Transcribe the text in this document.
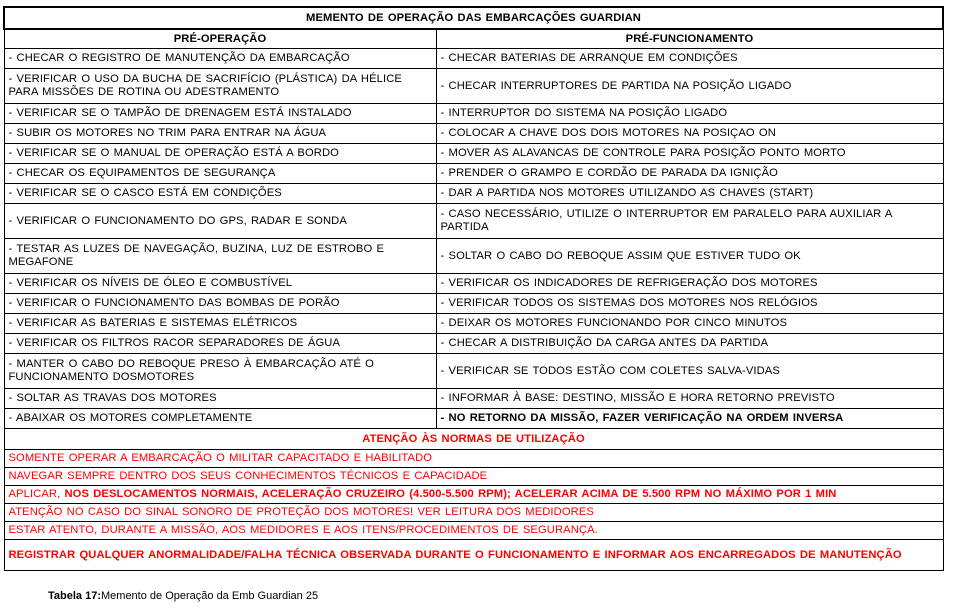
MEMENTO DE OPERAÇÃO DAS EMBARCAÇÕES GUARDIAN	
PRÉ-OPERAÇÃO	PRÉ-FUNCIONAMENTO
- CHECAR O REGISTRO DE MANUTENÇÃO DA EMBARCAÇÃO	- CHECAR BATERIAS DE ARRANQUE EM CONDIÇÕES
- VERIFICAR O USO DA BUCHA DE SACRIFÍCIO (PLÁSTICA) DA HÉLICE PARA MISSÕES DE ROTINA OU ADESTRAMENTO	- CHECAR INTERRUPTORES DE PARTIDA NA POSIÇÃO LIGADO
- VERIFICAR SE O TAMPÃO DE DRENAGEM ESTÁ INSTALADO	- INTERRUPTOR DO SISTEMA NA POSIÇÃO LIGADO
- SUBIR OS MOTORES NO TRIM PARA ENTRAR NA ÁGUA	- COLOCAR A CHAVE DOS DOIS MOTORES NA POSIÇAO ON
- VERIFICAR SE O MANUAL DE OPERAÇÃO ESTÁ A BORDO	- MOVER AS ALAVANCAS DE CONTROLE PARA POSIÇÃO PONTO MORTO
- CHECAR OS EQUIPAMENTOS DE SEGURANÇA	- PRENDER O GRAMPO E CORDÃO DE PARADA DA IGNIÇÃO
- VERIFICAR SE O CASCO ESTÁ EM CONDIÇÕES	- DAR A PARTIDA NOS MOTORES UTILIZANDO AS CHAVES (START)
- VERIFICAR O FUNCIONAMENTO DO GPS, RADAR E SONDA	- CASO NECESSÁRIO, UTILIZE O INTERRUPTOR EM PARALELO PARA AUXILIAR A PARTIDA
- TESTAR AS LUZES DE NAVEGAÇÃO, BUZINA, LUZ DE ESTROBO E MEGAFONE	- SOLTAR O CABO DO REBOQUE ASSIM QUE ESTIVER TUDO OK
- VERIFICAR OS NÍVEIS DE ÓLEO E COMBUSTÍVEL	- VERIFICAR OS INDICADORES DE REFRIGERAÇÃO DOS MOTORES
- VERIFICAR O FUNCIONAMENTO DAS BOMBAS DE PORÃO	- VERIFICAR TODOS OS SISTEMAS DOS MOTORES NOS RELÓGIOS
- VERIFICAR AS BATERIAS E SISTEMAS ELÉTRICOS	- DEIXAR OS MOTORES FUNCIONANDO POR CINCO MINUTOS
- VERIFICAR OS FILTROS RACOR SEPARADORES DE ÁGUA	- CHECAR A DISTRIBUIÇÃO DA CARGA ANTES DA PARTIDA
- MANTER O CABO DO REBOQUE PRESO À EMBARCAÇÃO ATÉ O FUNCIONAMENTO DOSMOTORES	- VERIFICAR SE TODOS ESTÃO COM COLETES SALVA-VIDAS
- SOLTAR AS TRAVAS DOS MOTORES	- INFORMAR À BASE: DESTINO, MISSÃO E HORA RETORNO PREVISTO
- ABAIXAR OS MOTORES COMPLETAMENTE	- NO RETORNO DA MISSÃO, FAZER VERIFICAÇÃO NA ORDEM INVERSA
ATENÇÃO ÀS NORMAS DE UTILIZAÇÃO	
SOMENTE OPERAR A EMBARCAÇÃO O MILITAR CAPACITADO E HABILITADO	
NAVEGAR SEMPRE DENTRO DOS SEUS CONHECIMENTOS TÉCNICOS E CAPACIDADE	
APLICAR, NOS DESLOCAMENTOS NORMAIS, ACELERAÇÃO CRUZEIRO (4.500-5.500 RPM); ACELERAR ACIMA DE 5.500 RPM NO MÁXIMO POR 1 MIN	
ATENÇÃO NO CASO DO SINAL SONORO DE PROTEÇÃO DOS MOTORES! VER LEITURA DOS MEDIDORES	
ESTAR ATENTO, DURANTE A MISSÃO, AOS MEDIDORES E AOS ITENS/PROCEDIMENTOS DE SEGURANÇA.	
REGISTRAR QUALQUER ANORMALIDADE/FALHA TÉCNICA OBSERVADA DURANTE O FUNCIONAMENTO E INFORMAR AOS ENCARREGADOS DE MANUTENÇÃO	
Tabela 17:Memento de Operação da Emb Guardian 25
